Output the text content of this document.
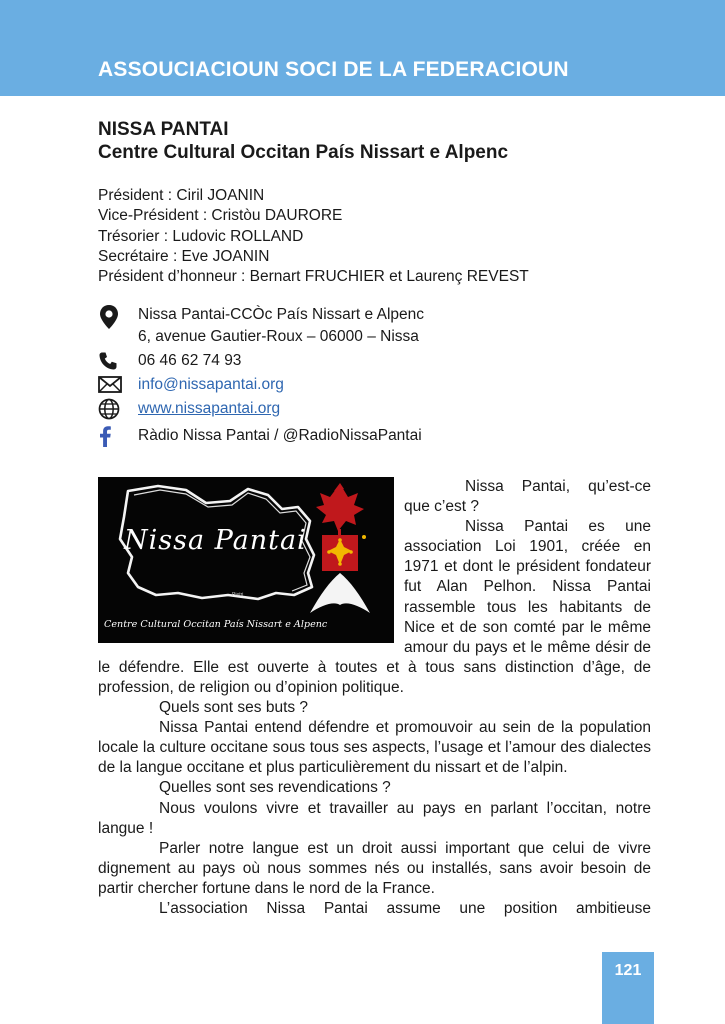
ASSOUCIACIOUN SOCI DE LA FEDERACIOUN
NISSA PANTAI
Centre Cultural Occitan País Nissart e Alpenc
Président : Ciril JOANIN
Vice-Président : Cristòu DAURORE
Trésorier : Ludovic ROLLAND
Secrétaire : Eve JOANIN
Président d’honneur : Bernart FRUCHIER et Laurenç REVEST
Nissa Pantai-CCÒc País Nissart e Alpenc
6, avenue Gautier-Roux – 06000 – Nissa
06 46 62 74 93
info@nissapantai.org
www.nissapantai.org
Ràdio Nissa Pantai / @RadioNissaPantai
Nissa Pantai
Pietri
Centre Cultural Occitan País Nissart e Alpenc

Nissa Pantai, qu’est-ce que c’est ?

Nissa Pantai es une association Loi 1901, créée en 1971 et dont le président fondateur fut Alan Pelhon. Nissa Pantai rassemble tous les habitants de Nice et de son comté par le même amour du pays et le même désir de le défendre. Elle est ouverte à toutes et à tous sans distinction d’âge, de profession, de religion ou d’opinion politique.

Quels sont ses buts ?

Nissa Pantai entend défendre et promouvoir au sein de la population locale la culture occitane sous tous ses aspects, l’usage et l’amour des dialectes de la langue occitane et plus particulièrement du nissart et de l’alpin.

Quelles sont ses revendications ?

Nous voulons vivre et travailler au pays en parlant l’occitan, notre langue !

Parler notre langue est un droit aussi important que celui de vivre dignement au pays où nous sommes nés ou installés, sans avoir besoin de partir chercher fortune dans le nord de la France.

L’association Nissa Pantai assume une position ambitieuse

121
